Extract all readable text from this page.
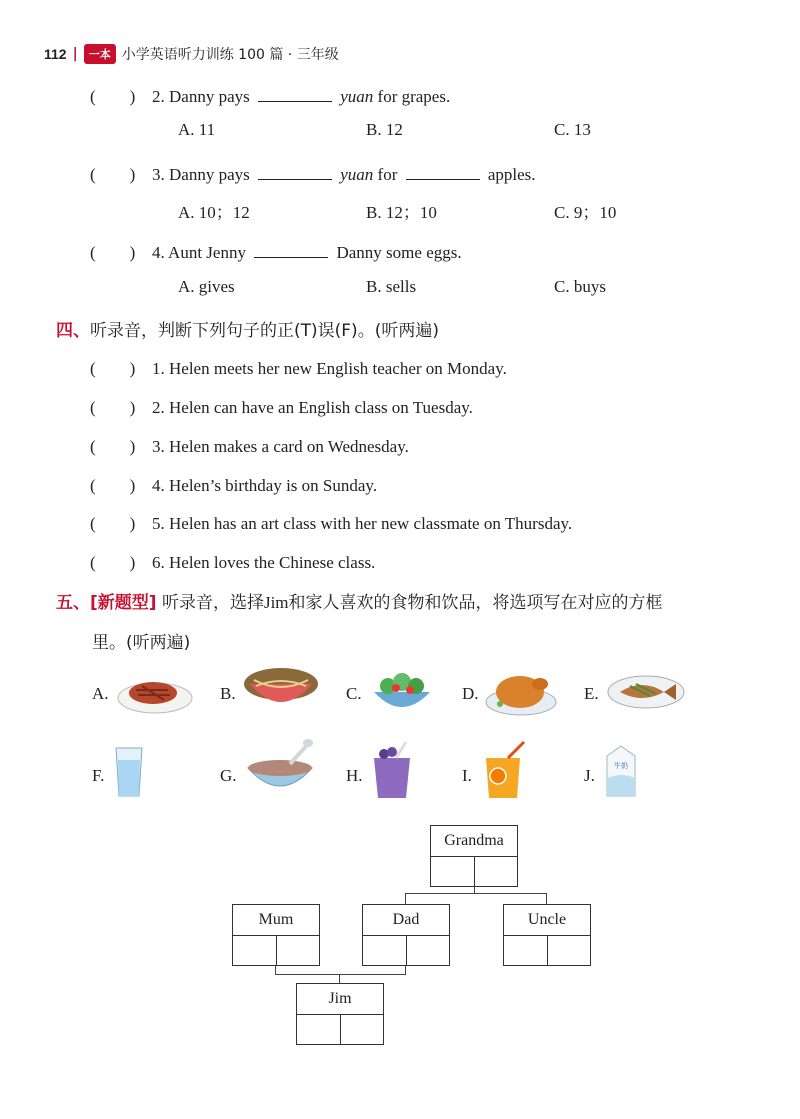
112 |	一本 小学英语听力训练 100 篇 · 三年级
(　　) 2. Danny pays	yuan for grapes.
A. 11	B. 12	C. 13
(　　) 3. Danny pays	yuan for	apples.
A. 10；12	B. 12；10	C. 9；10
(　　) 4. Aunt Jenny	Danny some eggs.
A. gives	B. sells	C. buys
四、听录音，判断下列句子的正(T)误(F)。(听两遍)
(　　) 1. Helen meets her new English teacher on Monday.
(　　) 2. Helen can have an English class on Tuesday.
(　　) 3. Helen makes a card on Wednesday.
(　　) 4. Helen’s birthday is on Sunday.
(　　) 5. Helen has an art class with her new classmate on Thursday.
(　　) 6. Helen loves the Chinese class.
五、[新题型] 听录音，选择Jim和家人喜欢的食物和饮品，将选项写在对应的方框
里。(听两遍)
A.	B.	C.	D.	E.
F.	G.	H.	I.	J.	牛奶
Grandma
Mum	Dad	Uncle
Jim
